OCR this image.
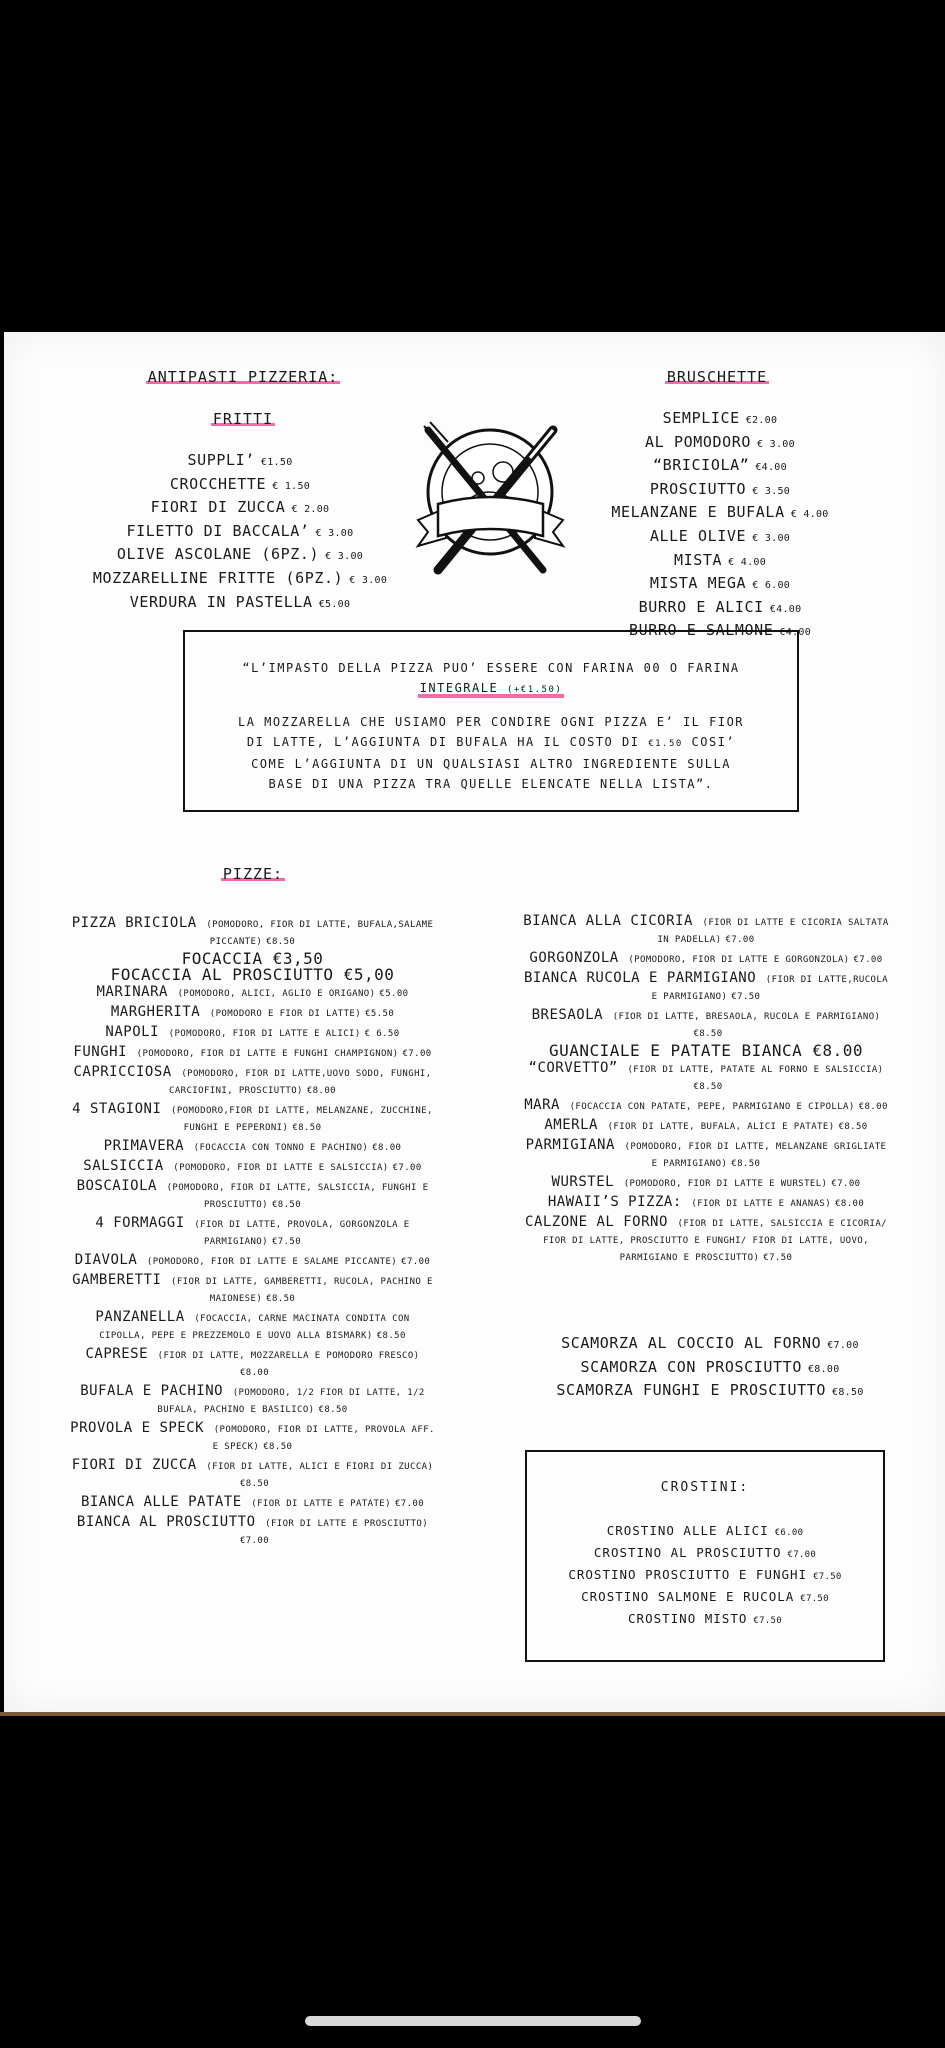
ANTIPASTI PIZZERIA:
FRITTI
SUPPLI’ €1.50
CROCCHETTE € 1.50
FIORI DI ZUCCA € 2.00
FILETTO DI BACCALA’ € 3.00
OLIVE ASCOLANE (6PZ.) € 3.00
MOZZARELLINE FRITTE (6PZ.) € 3.00
VERDURA IN PASTELLA €5.00
BRUSCHETTE
SEMPLICE €2.00
AL POMODORO € 3.00
“BRICIOLA” €4.00
PROSCIUTTO € 3.50
MELANZANE E BUFALA € 4.00
ALLE OLIVE € 3.00
MISTA € 4.00
MISTA MEGA € 6.00
BURRO E ALICI €4.00
BURRO E SALMONE €4.00
“L’IMPASTO DELLA PIZZA PUO’ ESSERE CON FARINA 00 O FARINA
INTEGRALE (+€1.50)
LA MOZZARELLA CHE USIAMO PER CONDIRE OGNI PIZZA E’ IL FIOR
DI LATTE, L’AGGIUNTA DI BUFALA HA IL COSTO DI €1.50 COSI’
COME L’AGGIUNTA DI UN QUALSIASI ALTRO INGREDIENTE SULLA
BASE DI UNA PIZZA TRA QUELLE ELENCATE NELLA LISTA”.
PIZZE:
PIZZA BRICIOLA (POMODORO, FIOR DI LATTE, BUFALA,SALAME PICCANTE) €8.50
FOCACCIA €3,50
FOCACCIA AL PROSCIUTTO €5,00
MARINARA (POMODORO, ALICI, AGLIO E ORIGANO) €5.00
MARGHERITA (POMODORO E FIOR DI LATTE) €5.50
NAPOLI (POMODORO, FIOR DI LATTE E ALICI) € 6.50
FUNGHI (POMODORO, FIOR DI LATTE E FUNGHI CHAMPIGNON) €7.00
CAPRICCIOSA (POMODORO, FIOR DI LATTE,UOVO SODO, FUNGHI, CARCIOFINI, PROSCIUTTO) €8.00
4 STAGIONI (POMODORO,FIOR DI LATTE, MELANZANE, ZUCCHINE, FUNGHI E PEPERONI) €8.50
PRIMAVERA (FOCACCIA CON TONNO E PACHINO) €8.00
SALSICCIA (POMODORO, FIOR DI LATTE E SALSICCIA) €7.00
BOSCAIOLA (POMODORO, FIOR DI LATTE, SALSICCIA, FUNGHI E PROSCIUTTO) €8.50
4 FORMAGGI (FIOR DI LATTE, PROVOLA, GORGONZOLA E PARMIGIANO) €7.50
DIAVOLA (POMODORO, FIOR DI LATTE E SALAME PICCANTE) €7.00
GAMBERETTI (FIOR DI LATTE, GAMBERETTI, RUCOLA, PACHINO E MAIONESE) €8.50
PANZANELLA (FOCACCIA, CARNE MACINATA CONDITA CON CIPOLLA, PEPE E PREZZEMOLO E UOVO ALLA BISMARK) €8.50
CAPRESE (FIOR DI LATTE, MOZZARELLA E POMODORO FRESCO)€8.00
BUFALA E PACHINO (POMODORO, 1/2 FIOR DI LATTE, 1/2 BUFALA, PACHINO E BASILICO) €8.50
PROVOLA E SPECK (POMODORO, FIOR DI LATTE, PROVOLA AFF. E SPECK) €8.50
FIORI DI ZUCCA (FIOR DI LATTE, ALICI E FIORI DI ZUCCA)€8.50
BIANCA ALLE PATATE (FIOR DI LATTE E PATATE) €7.00
BIANCA AL PROSCIUTTO (FIOR DI LATTE E PROSCIUTTO)€7.00
BIANCA ALLA CICORIA (FIOR DI LATTE E CICORIA SALTATA IN PADELLA) €7.00
GORGONZOLA (POMODORO, FIOR DI LATTE E GORGONZOLA) €7.00
BIANCA RUCOLA E PARMIGIANO (FIOR DI LATTE,RUCOLA E PARMIGIANO) €7.50
BRESAOLA (FIOR DI LATTE, BRESAOLA, RUCOLA E PARMIGIANO)€8.50
GUANCIALE E PATATE BIANCA €8.00
“CORVETTO” (FIOR DI LATTE, PATATE AL FORNO E SALSICCIA)€8.50
MARA (FOCACCIA CON PATATE, PEPE, PARMIGIANO E CIPOLLA) €8.00
AMERLA (FIOR DI LATTE, BUFALA, ALICI E PATATE) €8.50
PARMIGIANA (POMODORO, FIOR DI LATTE, MELANZANE GRIGLIATE E PARMIGIANO) €8.50
WURSTEL (POMODORO, FIOR DI LATTE E WURSTEL) €7.00
HAWAII’S PIZZA: (FIOR DI LATTE E ANANAS) €8.00
CALZONE AL FORNO (FIOR DI LATTE, SALSICCIA E CICORIA/ FIOR DI LATTE, PROSCIUTTO E FUNGHI/ FIOR DI LATTE, UOVO, PARMIGIANO E PROSCIUTTO) €7.50
SCAMORZA AL COCCIO AL FORNO €7.00
SCAMORZA CON PROSCIUTTO €8.00
SCAMORZA FUNGHI E PROSCIUTTO €8.50
CROSTINI:
CROSTINO ALLE ALICI €6.00
CROSTINO AL PROSCIUTTO €7.00
CROSTINO PROSCIUTTO E FUNGHI €7.50
CROSTINO SALMONE E RUCOLA €7.50
CROSTINO MISTO €7.50
